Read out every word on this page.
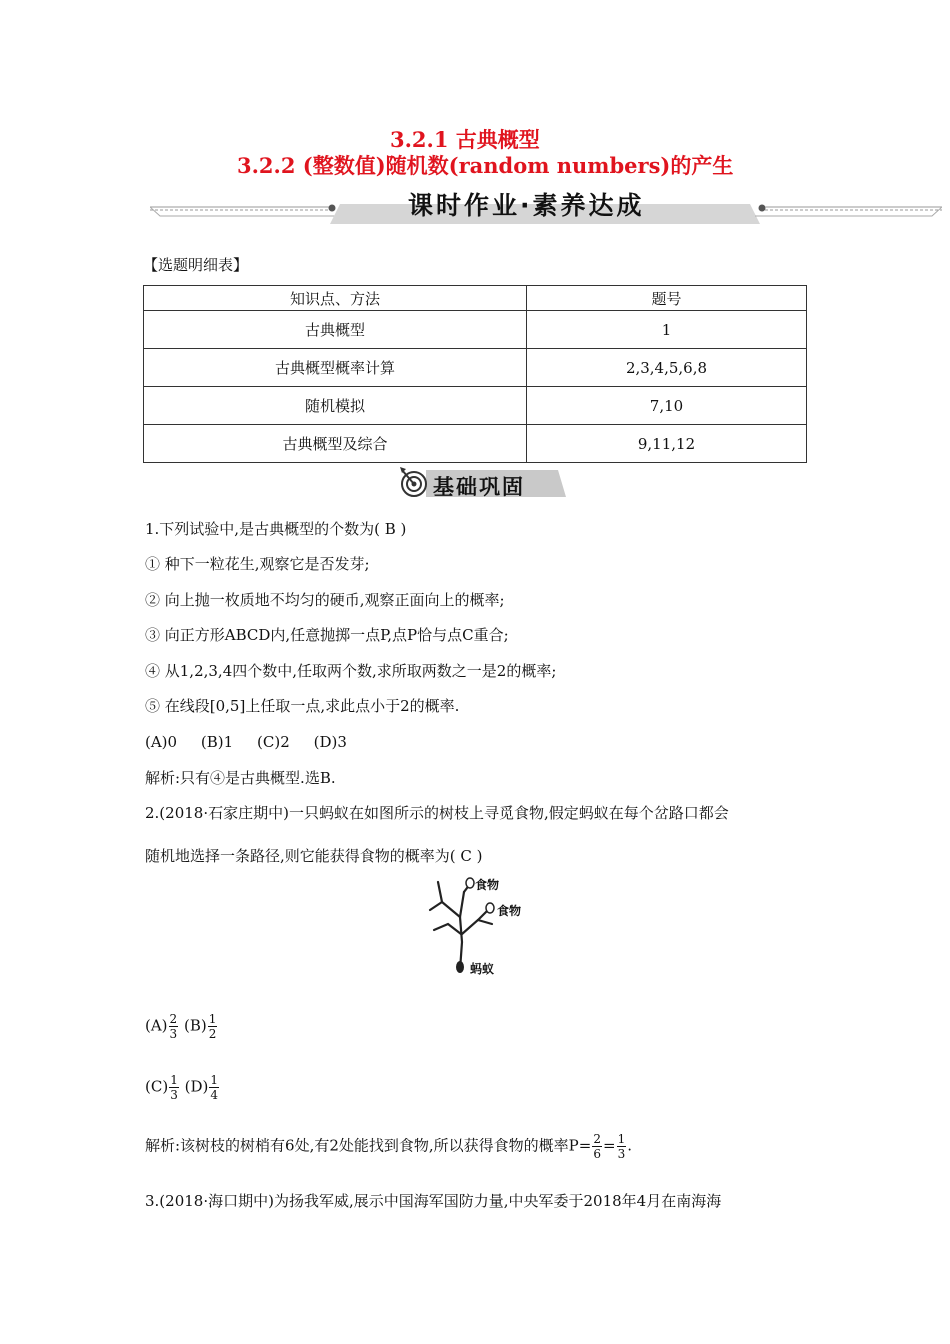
3.2.1 古典概型
3.2.2 (整数值)随机数(random numbers)的产生
课时作业·素养达成
【选题明细表】
知识点、方法	题号
古典概型	1
古典概型概率计算	2,3,4,5,6,8
随机模拟	7,10
古典概型及综合	9,11,12
基础巩固
1.下列试验中,是古典概型的个数为( B )
① 种下一粒花生,观察它是否发芽;
② 向上抛一枚质地不均匀的硬币,观察正面向上的概率;
③ 向正方形ABCD内,任意抛掷一点P,点P恰与点C重合;
④ 从1,2,3,4四个数中,任取两个数,求所取两数之一是2的概率;
⑤ 在线段[0,5]上任取一点,求此点小于2的概率.
(A)0     (B)1     (C)2     (D)3
解析:只有④是古典概型.选B.
2.(2018·石家庄期中)一只蚂蚁在如图所示的树枝上寻觅食物,假定蚂蚁在每个岔路口都会
随机地选择一条路径,则它能获得食物的概率为( C )
食物
食物
蚂蚁
$(A) \frac{2}{3} (B) \frac{1}{2}$
$(C) \frac{1}{3} (D) \frac{1}{4}$
解析:该树枝的树梢有6处,有2处能找到食物,所以获得食物的概率$P= \frac{2}{6} = \frac{1}{3}$ .
3.(2018·海口期中)为扬我军威,展示中国海军国防力量,中央军委于2018年4月在南海海
